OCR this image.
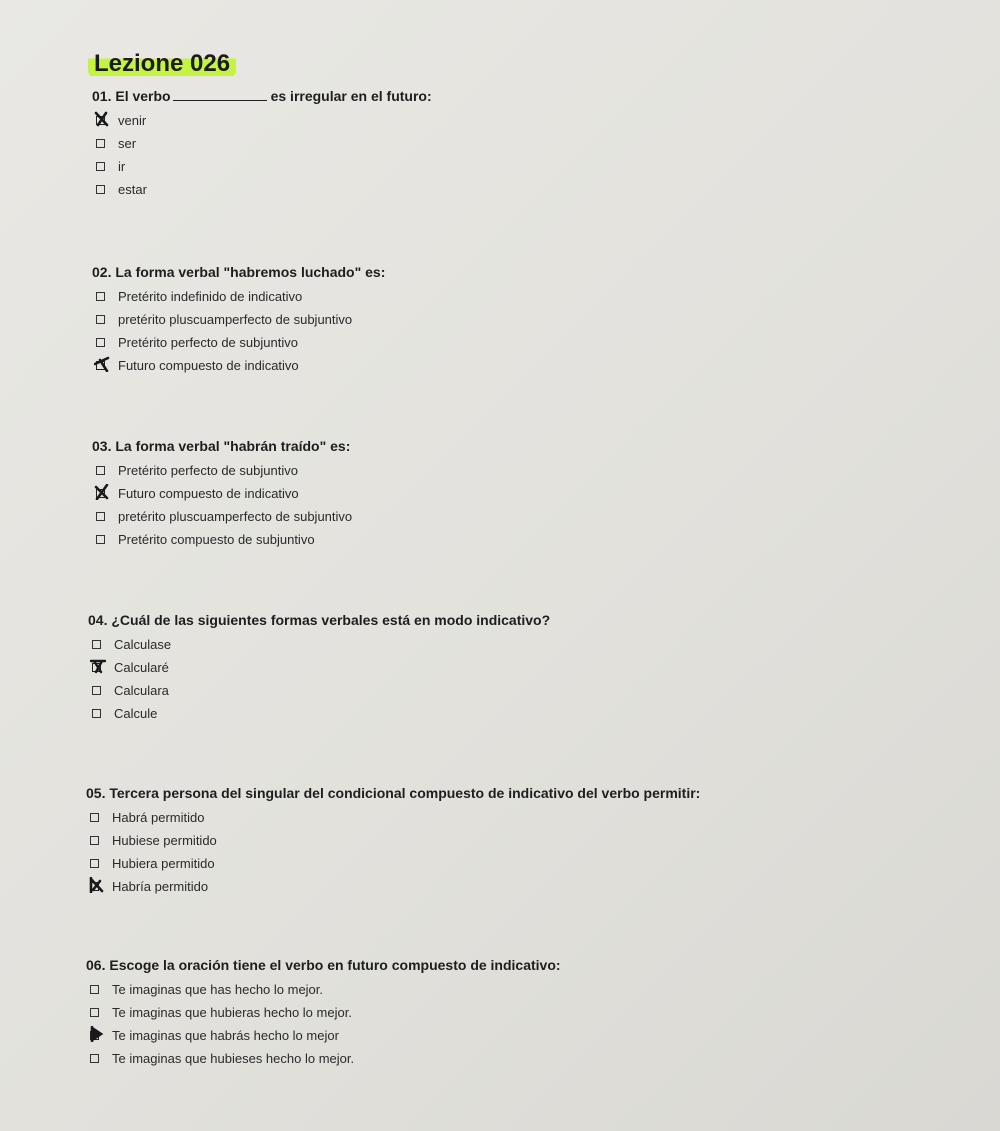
Lezione 026
01. El verbo	es irregular en el futuro:
venir
ser
ir
estar
02. La forma verbal "habremos luchado" es:
Pretérito indefinido de indicativo
pretérito pluscuamperfecto de subjuntivo
Pretérito perfecto de subjuntivo
Futuro compuesto de indicativo
03. La forma verbal "habrán traído" es:
Pretérito perfecto de subjuntivo
Futuro compuesto de indicativo
pretérito pluscuamperfecto de subjuntivo
Pretérito compuesto de subjuntivo
04. ¿Cuál de las siguientes formas verbales está en modo indicativo?
Calculase
Calcularé
Calculara
Calcule
05. Tercera persona del singular del condicional compuesto de indicativo del verbo permitir:
Habrá permitido
Hubiese permitido
Hubiera permitido
Habría permitido
06. Escoge la oración tiene el verbo en futuro compuesto de indicativo:
Te imaginas que has hecho lo mejor.
Te imaginas que hubieras hecho lo mejor.
Te imaginas que habrás hecho lo mejor
Te imaginas que hubieses hecho lo mejor.
